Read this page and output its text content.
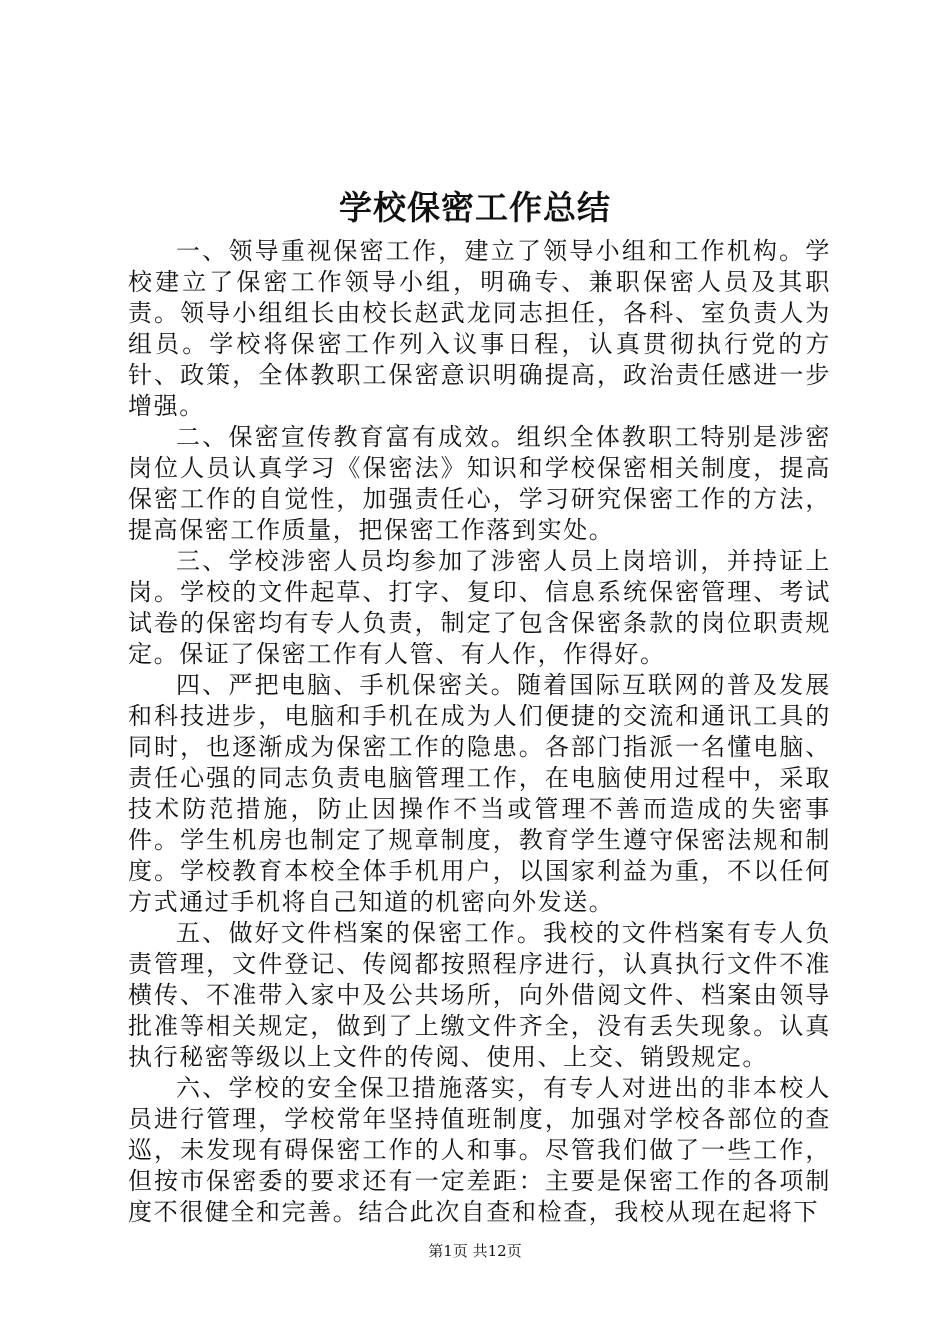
学校保密工作总结

一、领导重视保密工作，建立了领导小组和工作机构。学校建立了保密工作领导小组，明确专、兼职保密人员及其职责。领导小组组长由校长赵武龙同志担任，各科、室负责人为组员。学校将保密工作列入议事日程，认真贯彻执行党的方针、政策，全体教职工保密意识明确提高，政治责任感进一步增强。

二、保密宣传教育富有成效。组织全体教职工特别是涉密岗位人员认真学习《保密法》知识和学校保密相关制度，提高保密工作的自觉性，加强责任心，学习研究保密工作的方法，提高保密工作质量，把保密工作落到实处。

三、学校涉密人员均参加了涉密人员上岗培训，并持证上岗。学校的文件起草、打字、复印、信息系统保密管理、考试试卷的保密均有专人负责，制定了包含保密条款的岗位职责规定。保证了保密工作有人管、有人作，作得好。

四、严把电脑、手机保密关。随着国际互联网的普及发展和科技进步，电脑和手机在成为人们便捷的交流和通讯工具的同时，也逐渐成为保密工作的隐患。各部门指派一名懂电脑、责任心强的同志负责电脑管理工作，在电脑使用过程中，采取技术防范措施，防止因操作不当或管理不善而造成的失密事件。学生机房也制定了规章制度，教育学生遵守保密法规和制度。学校教育本校全体手机用户，以国家利益为重，不以任何方式通过手机将自己知道的机密向外发送。

五、做好文件档案的保密工作。我校的文件档案有专人负责管理，文件登记、传阅都按照程序进行，认真执行文件不准横传、不准带入家中及公共场所，向外借阅文件、档案由领导批准等相关规定，做到了上缴文件齐全，没有丢失现象。认真执行秘密等级以上文件的传阅、使用、上交、销毁规定。

六、学校的安全保卫措施落实，有专人对进出的非本校人员进行管理，学校常年坚持值班制度，加强对学校各部位的查巡，未发现有碍保密工作的人和事。尽管我们做了一些工作，但按市保密委的要求还有一定差距：主要是保密工作的各项制度不很健全和完善。结合此次自查和检查，我校从现在起将下

第1页 共12页
